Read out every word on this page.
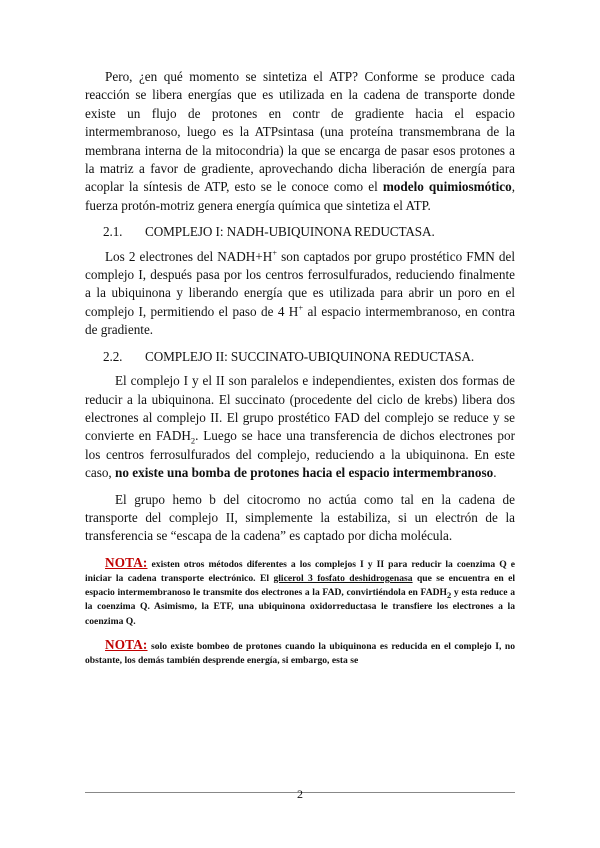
Pero, ¿en qué momento se sintetiza el ATP? Conforme se produce cada reacción se libera energías que es utilizada en la cadena de transporte donde existe un flujo de protones en contr de gradiente hacia el espacio intermembranoso, luego es la ATPsintasa (una proteína transmembrana de la membrana interna de la mitocondria) la que se encarga de pasar esos protones a la matriz a favor de gradiente, aprovechando dicha liberación de energía para acoplar la síntesis de ATP, esto se le conoce como el modelo quimiosmótico, fuerza protón-motriz genera energía química que sintetiza el ATP.

2.1. COMPLEJO I: NADH-UBIQUINONA REDUCTASA.

Los 2 electrones del NADH+H+ son captados por grupo prostético FMN del complejo I, después pasa por los centros ferrosulfurados, reduciendo finalmente a la ubiquinona y liberando energía que es utilizada para abrir un poro en el complejo I, permitiendo el paso de 4 H+ al espacio intermembranoso, en contra de gradiente.

2.2. COMPLEJO II: SUCCINATO-UBIQUINONA REDUCTASA.

El complejo I y el II son paralelos e independientes, existen dos formas de reducir a la ubiquinona. El succinato (procedente del ciclo de krebs) libera dos electrones al complejo II. El grupo prostético FAD del complejo se reduce y se convierte en $FADH_2$. Luego se hace una transferencia de dichos electrones por los centros ferrosulfurados del complejo, reduciendo a la ubiquinona. En este caso, no existe una bomba de protones hacia el espacio intermembranoso.

El grupo hemo b del citocromo no actúa como tal en la cadena de transporte del complejo II, simplemente la estabiliza, si un electrón de la transferencia se “escapa de la cadena” es captado por dicha molécula.

NOTA: existen otros métodos diferentes a los complejos I y II para reducir la coenzima Q e iniciar la cadena transporte electrónico. El glicerol 3 fosfato deshidrogenasa que se encuentra en el espacio intermembranoso le transmite dos electrones a la FAD, convirtiéndola en $FADH_2$ y esta reduce a la coenzima Q. Asimismo, la ETF, una ubiquinona oxidorreductasa le transfiere los electrones a la coenzima Q.

NOTA: solo existe bombeo de protones cuando la ubiquinona es reducida en el complejo I, no obstante, los demás también desprende energía, si embargo, esta se

2
